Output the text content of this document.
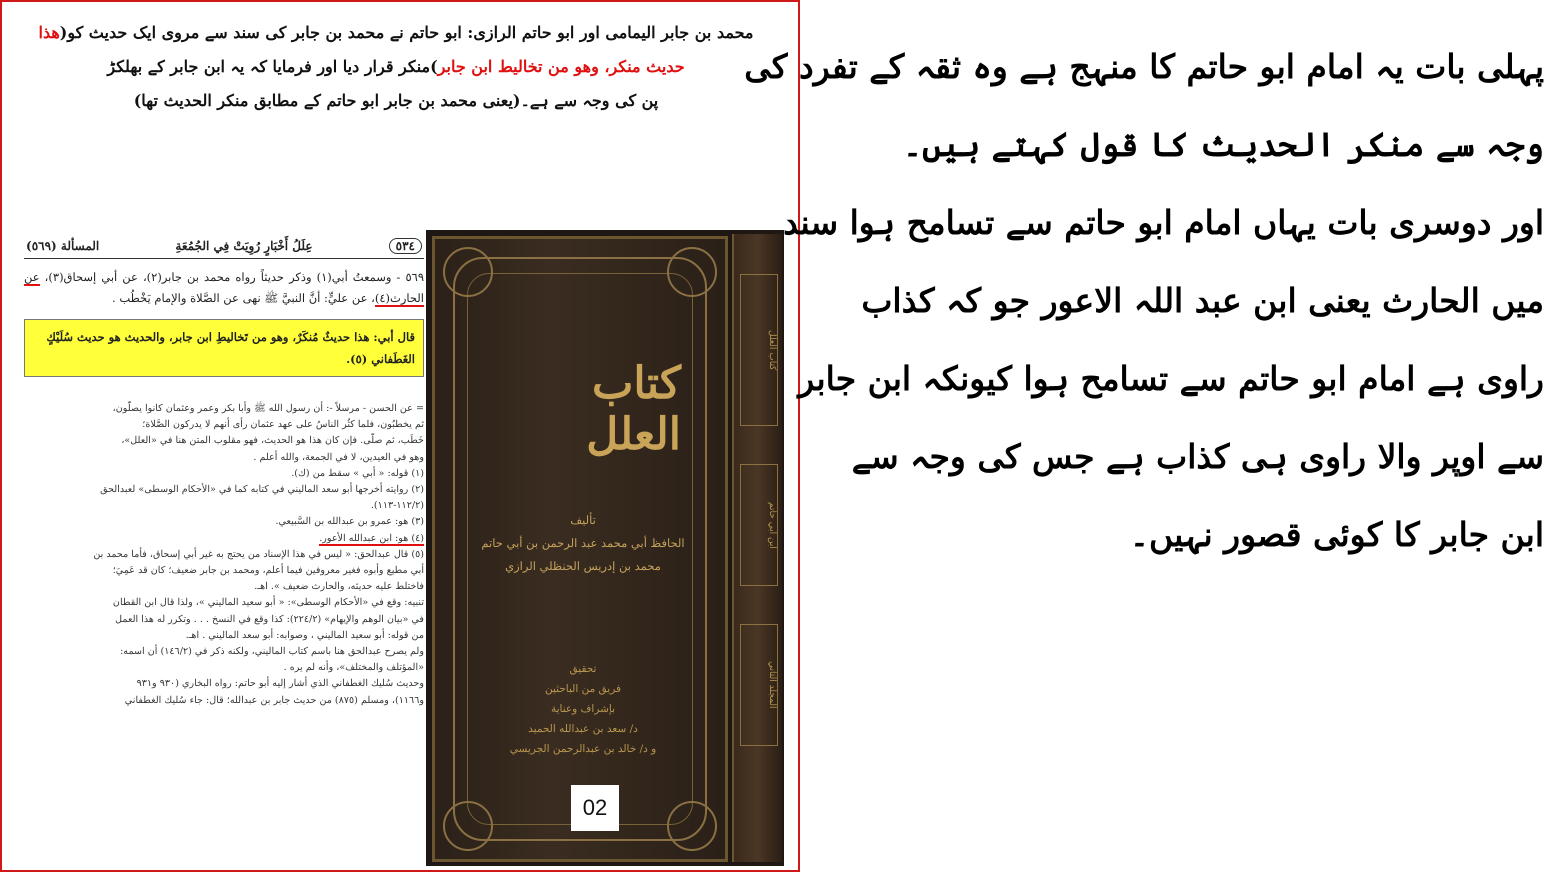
محمد بن جابر الیمامی اور ابو حاتم الرازی: ابو حاتم نے محمد بن جابر کی سند سے مروی ایک حدیث کو(هذا
حديث منكر، وهو من تخاليط ابن جابر)منکر قرار دیا اور فرمایا کہ یہ ابن جابر کے بھلکڑ
پن کی وجہ سے ہے۔(یعنی محمد بن جابر ابو حاتم کے مطابق منکر الحدیث تھا)
٥٣٤
عِلَلُ أَخْبَارٍ رُوِيَتْ فِي الجُمُعَةِ
المسألة (٥٦٩)
٥٦٩ - وسمعتُ أبي(١) وذكر حديثاً رواه محمد بن جابر(٢)، عن أبي إسحاق(٣)، عن الحارث(٤)، عن عليٍّ: أنَّ النبيَّ ﷺ نهى عن الصَّلاة والإمام يَخْطُب .
قال أبي: هذا حديثٌ مُنكَرٌ، وهو من تَخاليطِ ابن جابر، والحديث هو حديث سُلَيْكٍ الغَطَفاني (٥).
= عن الحسن - مرسلاً -: أن رسول الله ﷺ وأبا بكر وعمر وعثمان كانوا يصلُّون،
ثم يخطبُون، فلما كثُر الناسُ على عهد عثمان رأى أنهم لا يدركون الصَّلاة؛
خَطَب، ثم صلَّى. فإن كان هذا هو الحديث، فهو مقلوب المتن هنا في «العلل»،
وهو في العيدين، لا في الجمعة، والله أعلم .
(١) قوله: « أبي » سقط من (ك).
(٢) روايته أخرجها أبو سعد الماليني في كتابه كما في «الأحكام الوسطى» لعبدالحق
(١١٢/٢-١١٣).
(٣) هو: عمرو بن عبدالله بن السَّبيعي.
(٤) هو: ابن عبدالله الأعور.
(٥) قال عبدالحق: « ليس في هذا الإسناد من يحتج به غير أبي إسحاق، فأما محمد بن
أبي مطيع وأبوه فغير معروفين فيما أعلم، ومحمد بن جابر ضعيف؛ كان قد عَمِيَ؛
فاختلط عليه حديثه، والحارث ضعيف ». اهـ.
تنبيه: وقع في «الأحكام الوسطى»: « أبو سعيد الماليني »، ولذا قال ابن القطان
في «بيان الوهم والإيهام» (٢٢٤/٢): كذا وقع في النسخ . . . وتكرر له هذا العمل
من قوله: أبو سعيد الماليني ، وصوابه: أبو سعد الماليني . اهـ.
ولم يصرح عبدالحق هنا باسم كتاب الماليني، ولكنه ذكر في (١٤٦/٢) أن اسمه:
«المؤتلف والمختلف»، وأنه لم يره .
وحديث سُليك الغطفاني الذي أشار إليه أبو حاتم: رواه البخاري (٩٣٠ و٩٣١
و١١٦٦)، ومسلم (٨٧٥) من حديث جابر بن عبدالله؛ قال: جاء سُليك الغطفاني
كتاب العلل
تأليف
الحافظ أبي محمد عبد الرحمن بن أبي حاتم
محمد بن إدريس الحنظلي الرازي
تحقيق
فريق من الباحثين
بإشراف وعناية
د/ سعد بن عبدالله الحميد
و د/ خالد بن عبدالرحمن الجريسي
02
كتاب العلل
ابن أبي حاتم
المجلد الثاني
پہلی بات یہ امام ابو حاتم کا منہج ہے وہ ثقہ کے تفرد کی
وجہ سے منکر الحدیث کا قول کہتے ہیں۔
اور دوسری بات یہاں امام ابو حاتم سے تسامح ہوا سند
میں الحارث یعنی ابن عبد اللہ الاعور جو کہ کذاب
راوی ہے امام ابو حاتم سے تسامح ہوا کیونکہ ابن جابر
سے اوپر والا راوی ہی کذاب ہے جس کی وجہ سے
ابن جابر کا کوئی قصور نہیں۔
